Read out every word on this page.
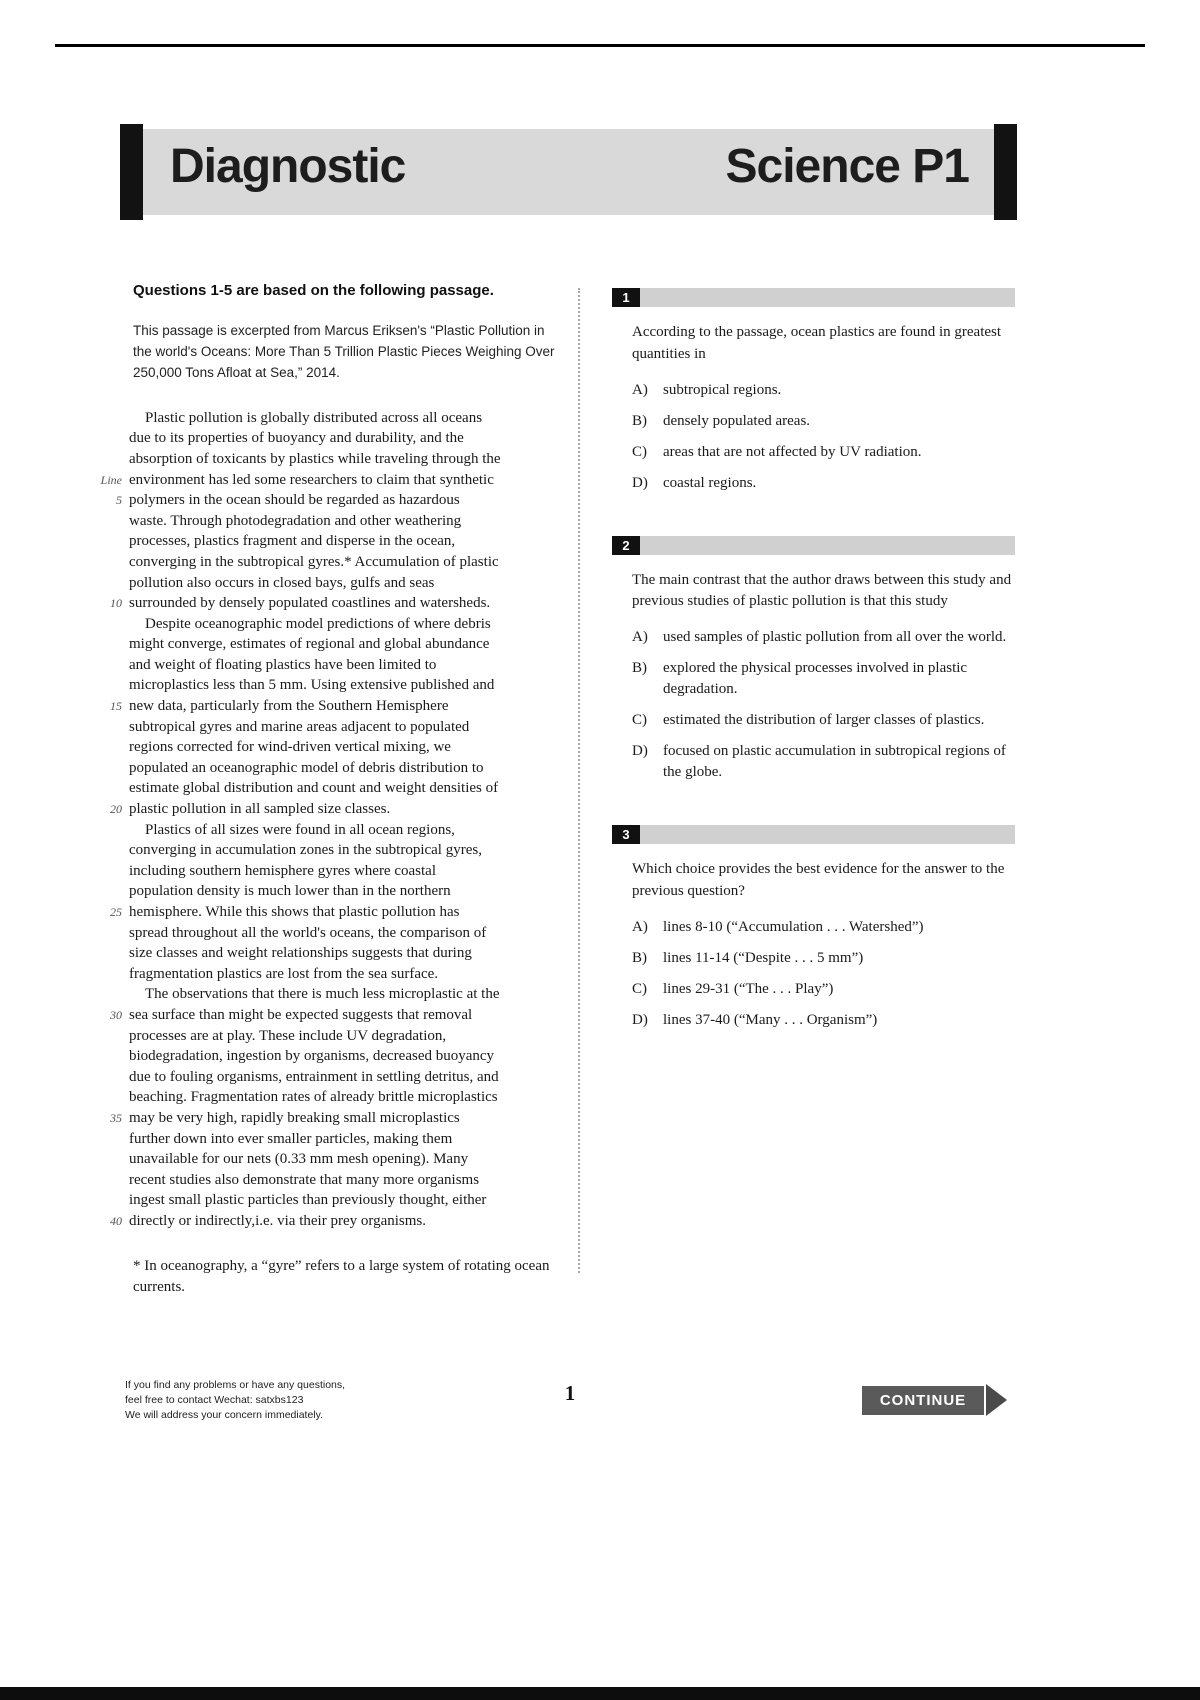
Diagnostic	Science P1
Questions 1-5 are based on the following passage.
This passage is excerpted from Marcus Eriksen's “Plastic Pollution in the world's Oceans: More Than 5 Trillion Plastic Pieces Weighing Over 250,000 Tons Afloat at Sea,” 2014.
Plastic pollution is globally distributed across all oceans
due to its properties of buoyancy and durability, and the
absorption of toxicants by plastics while traveling through the
Line environment has led some researchers to claim that synthetic
5 polymers in the ocean should be regarded as hazardous
waste. Through photodegradation and other weathering
processes, plastics fragment and disperse in the ocean,
converging in the subtropical gyres.* Accumulation of plastic
pollution also occurs in closed bays, gulfs and seas
10 surrounded by densely populated coastlines and watersheds.
Despite oceanographic model predictions of where debris
might converge, estimates of regional and global abundance
and weight of floating plastics have been limited to
microplastics less than 5 mm. Using extensive published and
15 new data, particularly from the Southern Hemisphere
subtropical gyres and marine areas adjacent to populated
regions corrected for wind-driven vertical mixing, we
populated an oceanographic model of debris distribution to
estimate global distribution and count and weight densities of
20 plastic pollution in all sampled size classes.
Plastics of all sizes were found in all ocean regions,
converging in accumulation zones in the subtropical gyres,
including southern hemisphere gyres where coastal
population density is much lower than in the northern
25 hemisphere. While this shows that plastic pollution has
spread throughout all the world's oceans, the comparison of
size classes and weight relationships suggests that during
fragmentation plastics are lost from the sea surface.
The observations that there is much less microplastic at the
30 sea surface than might be expected suggests that removal
processes are at play. These include UV degradation,
biodegradation, ingestion by organisms, decreased buoyancy
due to fouling organisms, entrainment in settling detritus, and
beaching. Fragmentation rates of already brittle microplastics
35 may be very high, rapidly breaking small microplastics
further down into ever smaller particles, making them
unavailable for our nets (0.33 mm mesh opening). Many
recent studies also demonstrate that many more organisms
ingest small plastic particles than previously thought, either
40 directly or indirectly,i.e. via their prey organisms.
* In oceanography, a “gyre” refers to a large system of rotating ocean currents.
1
According to the passage, ocean plastics are found in greatest quantities in
A)	subtropical regions.
B)	densely populated areas.
C)	areas that are not affected by UV radiation.
D)	coastal regions.
2
The main contrast that the author draws between this study and previous studies of plastic pollution is that this study
A)	used samples of plastic pollution from all over the world.
B)	explored the physical processes involved in plastic degradation.
C)	estimated the distribution of larger classes of plastics.
D)	focused on plastic accumulation in subtropical regions of the globe.
3
Which choice provides the best evidence for the answer to the previous question?
A)	lines 8-10 (“Accumulation . . . Watershed”)
B)	lines 11-14 (“Despite . . . 5 mm”)
C)	lines 29-31 (“The . . . Play”)
D)	lines 37-40 (“Many . . . Organism”)
If you find any problems or have any questions,
feel free to contact Wechat: satxbs123
We will address your concern immediately.
1	CONTINUE
